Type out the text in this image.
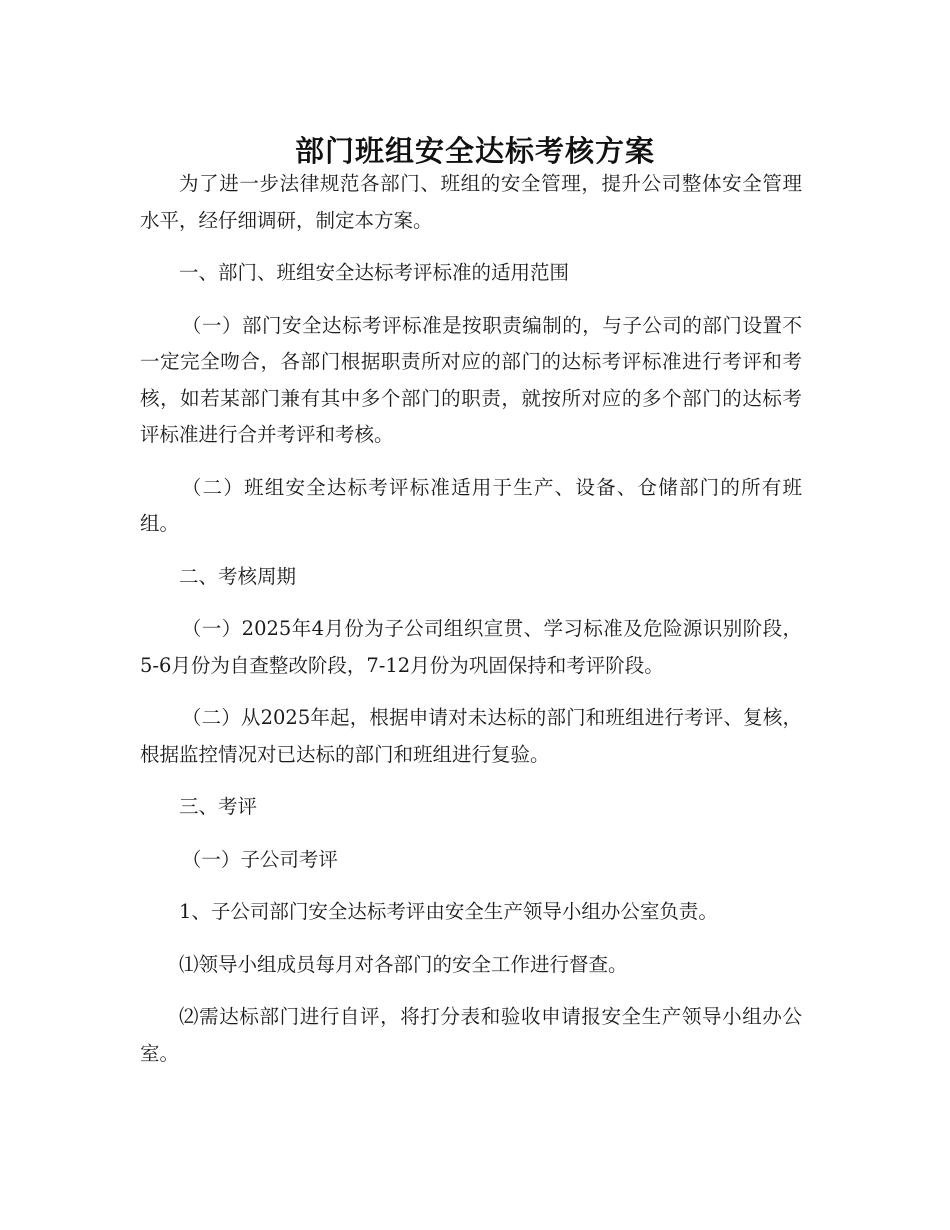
部门班组安全达标考核方案

为了进一步法律规范各部门、班组的安全管理，提升公司整体安全管理水平，经仔细调研，制定本方案。

一、部门、班组安全达标考评标准的适用范围

（一）部门安全达标考评标准是按职责编制的，与子公司的部门设置不一定完全吻合，各部门根据职责所对应的部门的达标考评标准进行考评和考核，如若某部门兼有其中多个部门的职责，就按所对应的多个部门的达标考评标准进行合并考评和考核。

（二）班组安全达标考评标准适用于生产、设备、仓储部门的所有班组。

二、考核周期

（一）2025年4月份为子公司组织宣贯、学习标准及危险源识别阶段，5-6月份为自查整改阶段，7-12月份为巩固保持和考评阶段。

（二）从2025年起，根据申请对未达标的部门和班组进行考评、复核，根据监控情况对已达标的部门和班组进行复验。

三、考评

（一）子公司考评

1、子公司部门安全达标考评由安全生产领导小组办公室负责。

⑴领导小组成员每月对各部门的安全工作进行督查。

⑵需达标部门进行自评，将打分表和验收申请报安全生产领导小组办公室。
